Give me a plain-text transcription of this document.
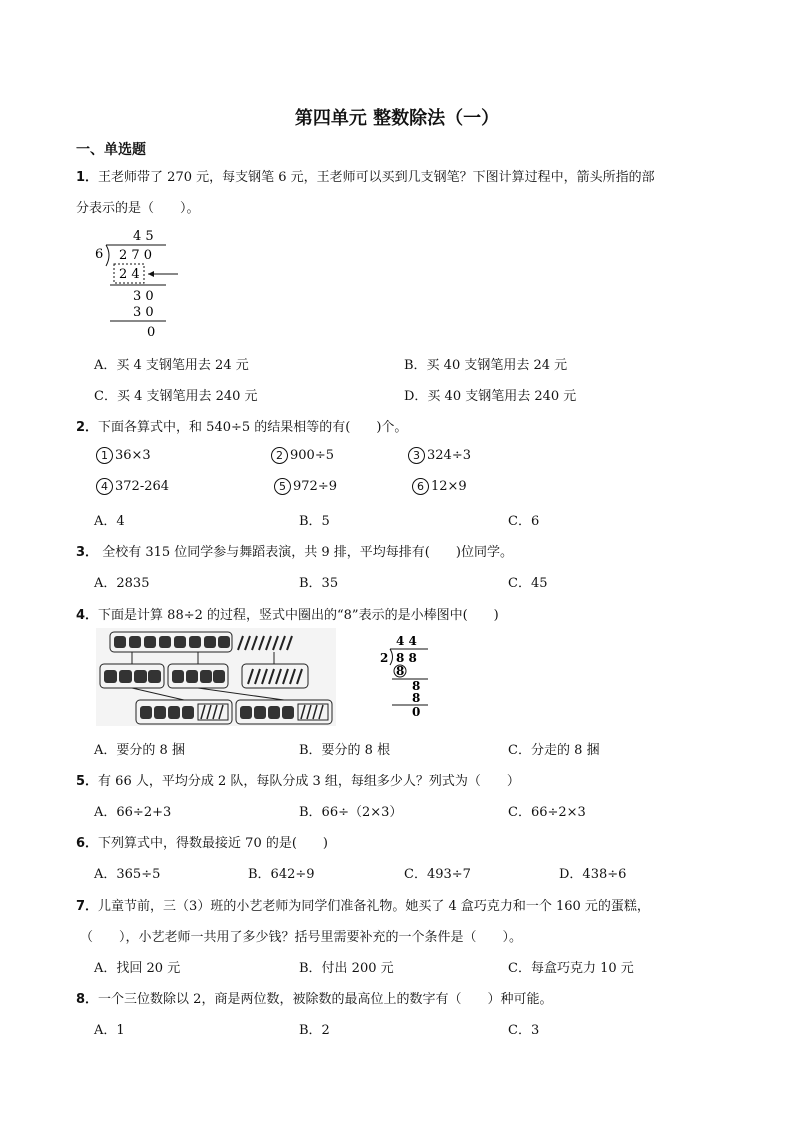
第四单元 整数除法（一）
一、单选题
1．王老师带了 270 元，每支钢笔 6 元，王老师可以买到几支钢笔？下图计算过程中，箭头所指的部
分表示的是（　　）。
4 5
6 2 7 0
2 4
3 0
3 0
0
A．买 4 支钢笔用去 24 元	B．买 40 支钢笔用去 24 元
C．买 4 支钢笔用去 240 元	D．买 40 支钢笔用去 240 元
2．下面各算式中，和 540÷5 的结果相等的有(　　)个。
1 36×3	2 900÷5	3 324÷3
4 372-264	5 972÷9	6 12×9
A．4	B．5	C．6
3． 全校有 315 位同学参与舞蹈表演，共 9 排，平均每排有(　　)位同学。
A．2835	B．35	C．45
4．下面是计算 88÷2 的过程，竖式中圈出的“8”表示的是小棒图中(　　)
4 4
2 8 8
8
8
8
0
A．要分的 8 捆	B．要分的 8 根	C．分走的 8 捆
5．有 66 人，平均分成 2 队，每队分成 3 组，每组多少人？列式为（　　）
A．66÷2+3	B．66÷（2×3）	C．66÷2×3
6．下列算式中，得数最接近 70 的是(　　)
A．365÷5	B．642÷9	C．493÷7	D．438÷6
7．儿童节前，三（3）班的小艺老师为同学们准备礼物。她买了 4 盒巧克力和一个 160 元的蛋糕，
（　　），小艺老师一共用了多少钱？括号里需要补充的一个条件是（　　）。
A．找回 20 元	B．付出 200 元	C．每盒巧克力 10 元
8．一个三位数除以 2，商是两位数，被除数的最高位上的数字有（　　）种可能。
A．1	B．2	C．3
